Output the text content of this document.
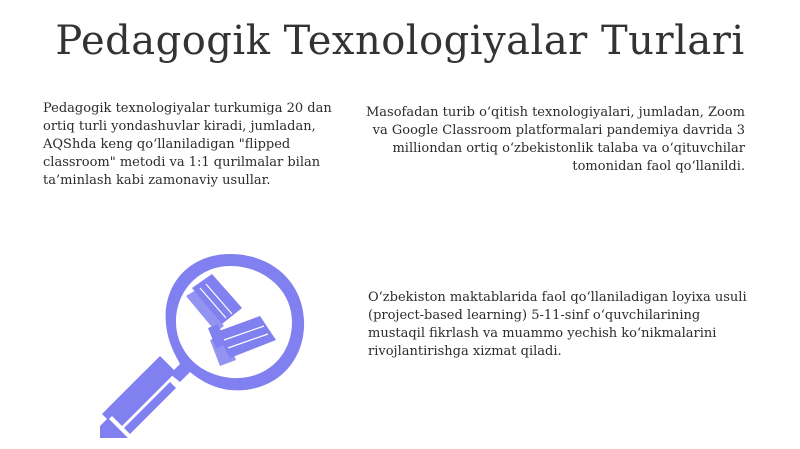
Pedagogik Texnologiyalar Turlari
Pedagogik texnologiyalar turkumiga 20 dan ortiq turli yondashuvlar kiradi, jumladan, AQShda keng qo‘llaniladigan "flipped classroom" metodi va 1:1 qurilmalar bilan ta’minlash kabi zamonaviy usullar.
Masofadan turib o‘qitish texnologiyalari, jumladan, Zoom va Google Classroom platformalari pandemiya davrida 3 milliondan ortiq o‘zbekistonlik talaba va o‘qituvchilar tomonidan faol qo‘llanildi.
O‘zbekiston maktablarida faol qo‘llaniladigan loyixa usuli (project-based learning) 5-11-sinf o‘quvchilarining mustaqil fikrlash va muammo yechish ko‘nikmalarini rivojlantirishga xizmat qiladi.
